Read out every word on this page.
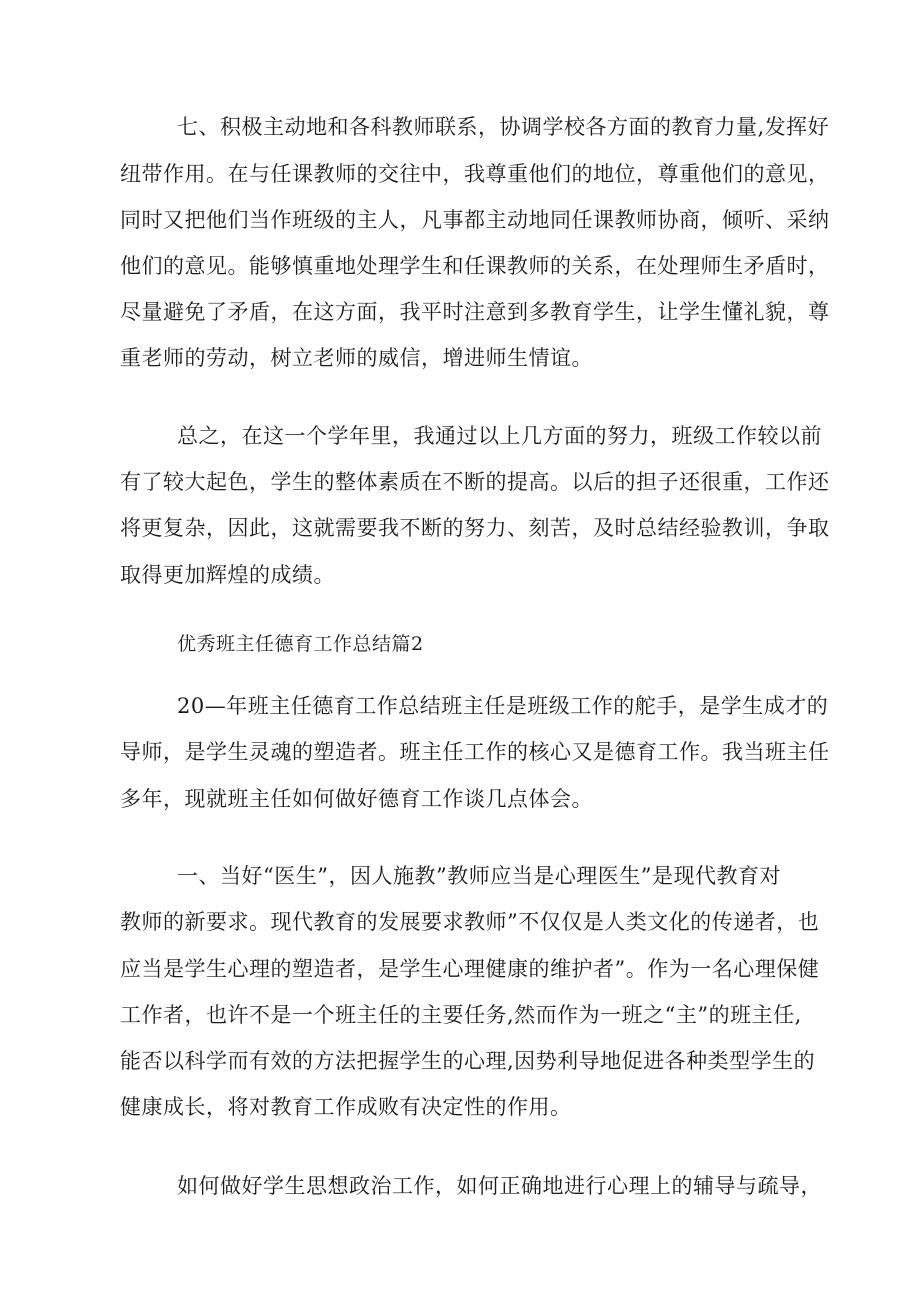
七、积极主动地和各科教师联系，协调学校各方面的教育力量,发挥好
纽带作用。在与任课教师的交往中，我尊重他们的地位，尊重他们的意见，
同时又把他们当作班级的主人，凡事都主动地同任课教师协商，倾听、采纳
他们的意见。能够慎重地处理学生和任课教师的关系，在处理师生矛盾时，
尽量避免了矛盾，在这方面，我平时注意到多教育学生，让学生懂礼貌，尊
重老师的劳动，树立老师的威信，增进师生情谊。
总之，在这一个学年里，我通过以上几方面的努力，班级工作较以前
有了较大起色，学生的整体素质在不断的提高。以后的担子还很重，工作还
将更复杂，因此，这就需要我不断的努力、刻苦，及时总结经验教训，争取
取得更加辉煌的成绩。
优秀班主任德育工作总结篇2
20—年班主任德育工作总结班主任是班级工作的舵手，是学生成才的
导师，是学生灵魂的塑造者。班主任工作的核心又是德育工作。我当班主任
多年，现就班主任如何做好德育工作谈几点体会。
一、当好“医生”，因人施教”教师应当是心理医生”是现代教育对
教师的新要求。现代教育的发展要求教师”不仅仅是人类文化的传递者，也
应当是学生心理的塑造者，是学生心理健康的维护者”。作为一名心理保健
工作者，也许不是一个班主任的主要任务,然而作为一班之“主”的班主任,
能否以科学而有效的方法把握学生的心理,因势利导地促进各种类型学生的
健康成长，将对教育工作成败有决定性的作用。
如何做好学生思想政治工作，如何正确地进行心理上的辅导与疏导，
